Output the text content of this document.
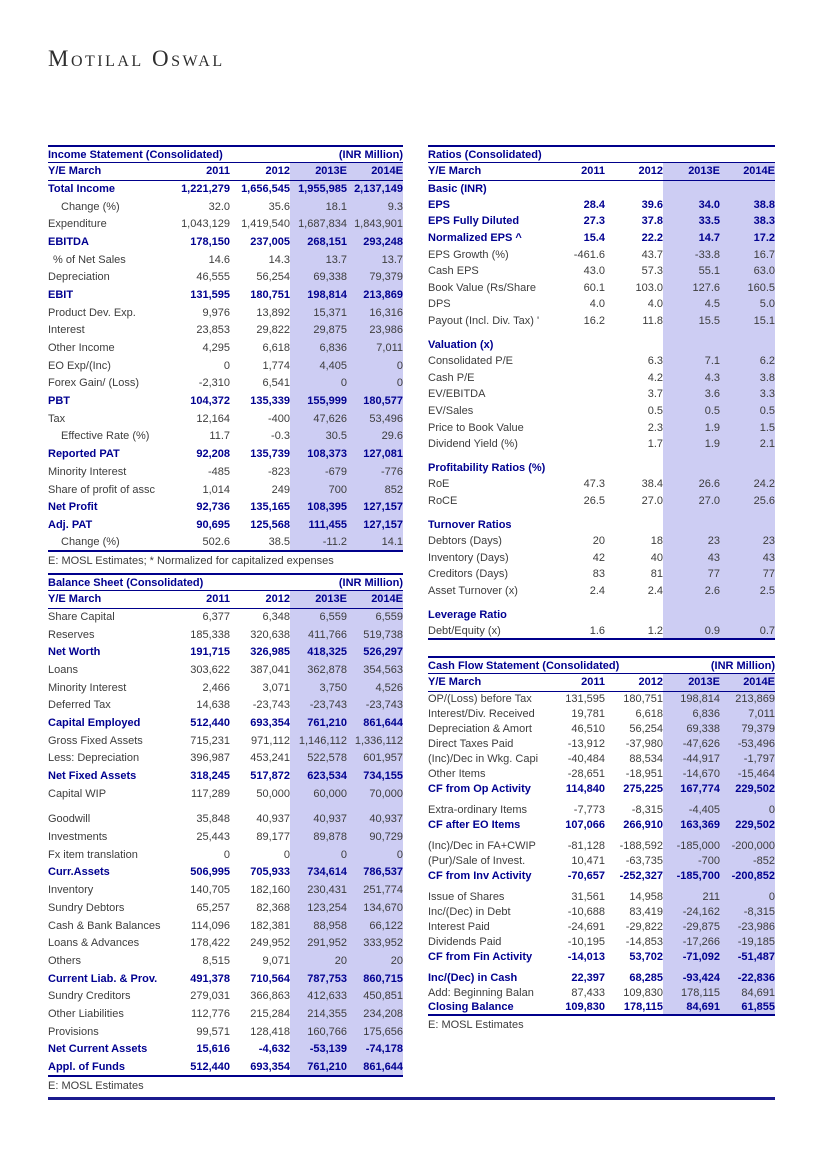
Motilal Oswal
Income Statement (Consolidated)	(INR Million)
Y/E March	2011	2012	2013E	2014E
Total Income	1,221,279	1,656,545	1,955,985	2,137,149
Change (%)	32.0	35.6	18.1	9.3
Expenditure	1,043,129	1,419,540	1,687,834	1,843,901
EBITDA	178,150	237,005	268,151	293,248
% of Net Sales	14.6	14.3	13.7	13.7
Depreciation	46,555	56,254	69,338	79,379
EBIT	131,595	180,751	198,814	213,869
Product Dev. Exp.	9,976	13,892	15,371	16,316
Interest	23,853	29,822	29,875	23,986
Other Income	4,295	6,618	6,836	7,011
EO Exp/(Inc)	0	1,774	4,405	0
Forex Gain/ (Loss)	-2,310	6,541	0	0
PBT	104,372	135,339	155,999	180,577
Tax	12,164	-400	47,626	53,496
Effective Rate (%)	11.7	-0.3	30.5	29.6
Reported PAT	92,208	135,739	108,373	127,081
Minority Interest	-485	-823	-679	-776
Share of profit of assc	1,014	249	700	852
Net Profit	92,736	135,165	108,395	127,157
Adj. PAT	90,695	125,568	111,455	127,157
Change (%)	502.6	38.5	-11.2	14.1
E: MOSL Estimates; * Normalized for capitalized expenses
Balance Sheet (Consolidated)	(INR Million)
Y/E March	2011	2012	2013E	2014E
Share Capital	6,377	6,348	6,559	6,559
Reserves	185,338	320,638	411,766	519,738
Net Worth	191,715	326,985	418,325	526,297
Loans	303,622	387,041	362,878	354,563
Minority Interest	2,466	3,071	3,750	4,526
Deferred Tax	14,638	-23,743	-23,743	-23,743
Capital Employed	512,440	693,354	761,210	861,644
Gross Fixed Assets	715,231	971,112	1,146,112	1,336,112
Less: Depreciation	396,987	453,241	522,578	601,957
Net Fixed Assets	318,245	517,872	623,534	734,155
Capital WIP	117,289	50,000	60,000	70,000

Goodwill	35,848	40,937	40,937	40,937
Investments	25,443	89,177	89,878	90,729
Fx item translation	0	0	0	0
Curr.Assets	506,995	705,933	734,614	786,537
Inventory	140,705	182,160	230,431	251,774
Sundry Debtors	65,257	82,368	123,254	134,670
Cash & Bank Balances	114,096	182,381	88,958	66,122
Loans & Advances	178,422	249,952	291,952	333,952
Others	8,515	9,071	20	20
Current Liab. & Prov.	491,378	710,564	787,753	860,715
Sundry Creditors	279,031	366,863	412,633	450,851
Other Liabilities	112,776	215,284	214,355	234,208
Provisions	99,571	128,418	160,766	175,656
Net Current Assets	15,616	-4,632	-53,139	-74,178
Appl. of Funds	512,440	693,354	761,210	861,644
E: MOSL Estimates
Ratios (Consolidated)
Y/E March	2011	2012	2013E	2014E
Basic (INR)				
EPS	28.4	39.6	34.0	38.8
EPS Fully Diluted	27.3	37.8	33.5	38.3
Normalized EPS ^	15.4	22.2	14.7	17.2
EPS Growth (%)	-461.6	43.7	-33.8	16.7
Cash EPS	43.0	57.3	55.1	63.0
Book Value (Rs/Share	60.1	103.0	127.6	160.5
DPS	4.0	4.0	4.5	5.0
Payout (Incl. Div. Tax) '	16.2	11.8	15.5	15.1

Valuation (x)				
Consolidated P/E		6.3	7.1	6.2
Cash P/E		4.2	4.3	3.8
EV/EBITDA		3.7	3.6	3.3
EV/Sales		0.5	0.5	0.5
Price to Book Value		2.3	1.9	1.5
Dividend Yield (%)		1.7	1.9	2.1

Profitability Ratios (%)				
RoE	47.3	38.4	26.6	24.2
RoCE	26.5	27.0	27.0	25.6

Turnover Ratios				
Debtors (Days)	20	18	23	23
Inventory (Days)	42	40	43	43
Creditors (Days)	83	81	77	77
Asset Turnover (x)	2.4	2.4	2.6	2.5

Leverage Ratio				
Debt/Equity (x)	1.6	1.2	0.9	0.7
Cash Flow Statement (Consolidated)	(INR Million)
Y/E March	2011	2012	2013E	2014E
OP/(Loss) before Tax	131,595	180,751	198,814	213,869
Interest/Div. Received	19,781	6,618	6,836	7,011
Depreciation & Amort	46,510	56,254	69,338	79,379
Direct Taxes Paid	-13,912	-37,980	-47,626	-53,496
(Inc)/Dec in Wkg. Capi	-40,484	88,534	-44,917	-1,797
Other Items	-28,651	-18,951	-14,670	-15,464
CF from Op Activity	114,840	275,225	167,774	229,502

Extra-ordinary Items	-7,773	-8,315	-4,405	0
CF after EO Items	107,066	266,910	163,369	229,502

(Inc)/Dec in FA+CWIP	-81,128	-188,592	-185,000	-200,000
(Pur)/Sale of Invest.	10,471	-63,735	-700	-852
CF from Inv Activity	-70,657	-252,327	-185,700	-200,852

Issue of Shares	31,561	14,958	211	0
Inc/(Dec) in Debt	-10,688	83,419	-24,162	-8,315
Interest Paid	-24,691	-29,822	-29,875	-23,986
Dividends Paid	-10,195	-14,853	-17,266	-19,185
CF from Fin Activity	-14,013	53,702	-71,092	-51,487

Inc/(Dec) in Cash	22,397	68,285	-93,424	-22,836
Add: Beginning Balan	87,433	109,830	178,115	84,691
Closing Balance	109,830	178,115	84,691	61,855
E: MOSL Estimates
